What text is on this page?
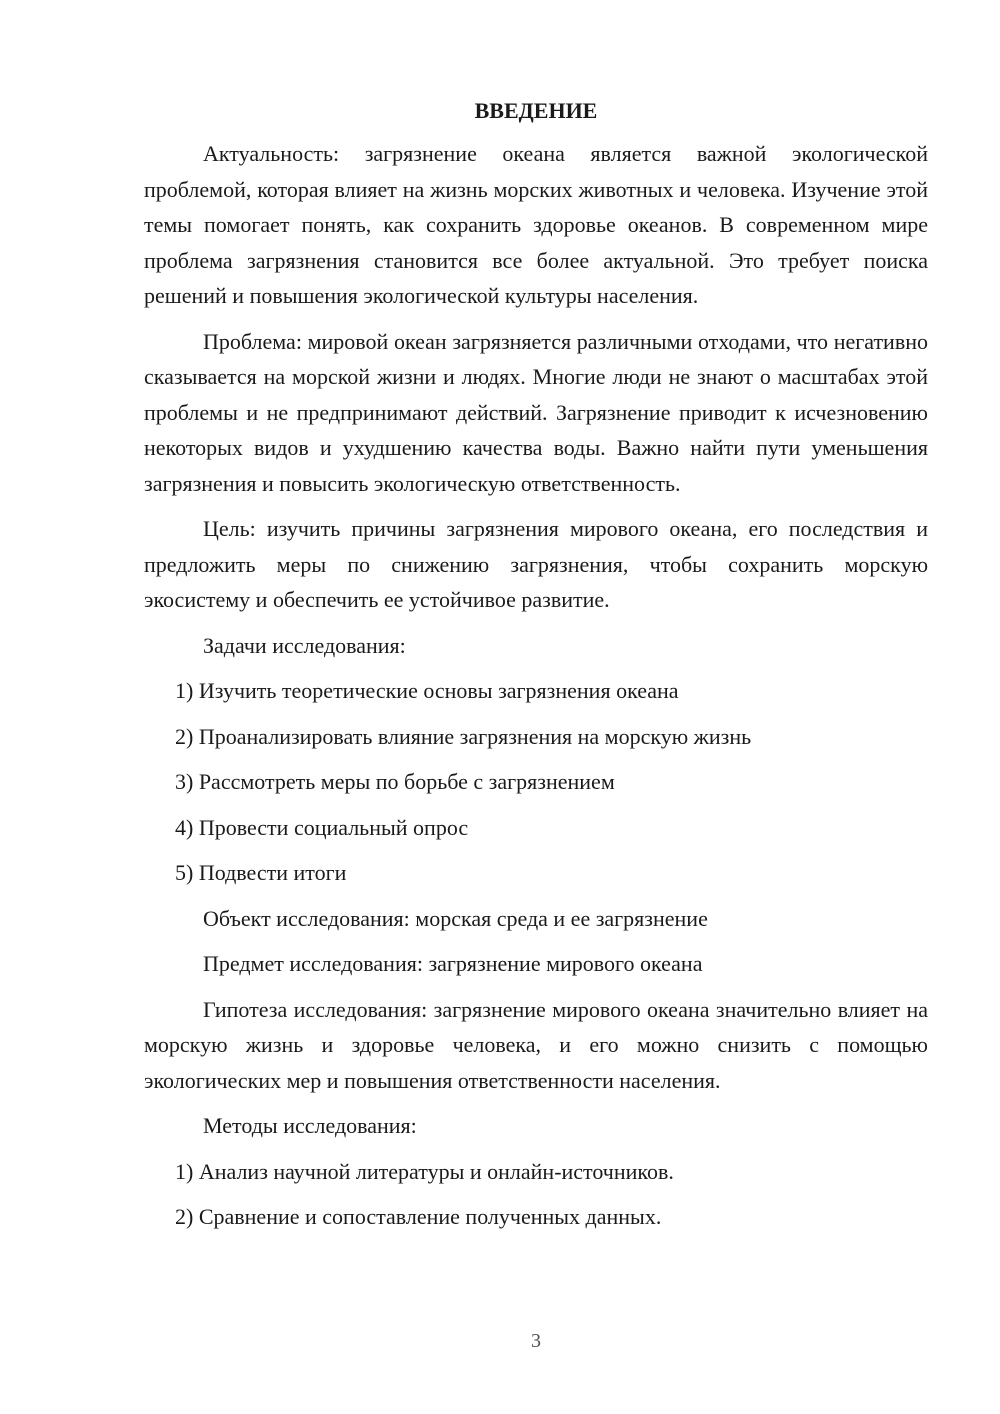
ВВЕДЕНИЕ

Актуальность: загрязнение океана является важной экологической проблемой, которая влияет на жизнь морских животных и человека. Изучение этой темы помогает понять, как сохранить здоровье океанов. В современном мире проблема загрязнения становится все более актуальной. Это требует поиска решений и повышения экологической культуры населения.

Проблема: мировой океан загрязняется различными отходами, что негативно сказывается на морской жизни и людях. Многие люди не знают о масштабах этой проблемы и не предпринимают действий. Загрязнение приводит к исчезновению некоторых видов и ухудшению качества воды. Важно найти пути уменьшения загрязнения и повысить экологическую ответственность.

Цель: изучить причины загрязнения мирового океана, его последствия и предложить меры по снижению загрязнения, чтобы сохранить морскую экосистему и обеспечить ее устойчивое развитие.

Задачи исследования:
1) Изучить теоретические основы загрязнения океана
2) Проанализировать влияние загрязнения на морскую жизнь
3) Рассмотреть меры по борьбе с загрязнением
4) Провести социальный опрос
5) Подвести итоги
Объект исследования: морская среда и ее загрязнение
Предмет исследования: загрязнение мирового океана

Гипотеза исследования: загрязнение мирового океана значительно влияет на морскую жизнь и здоровье человека, и его можно снизить с помощью экологических мер и повышения ответственности населения.

Методы исследования:
1) Анализ научной литературы и онлайн-источников.
2) Сравнение и сопоставление полученных данных.
3
